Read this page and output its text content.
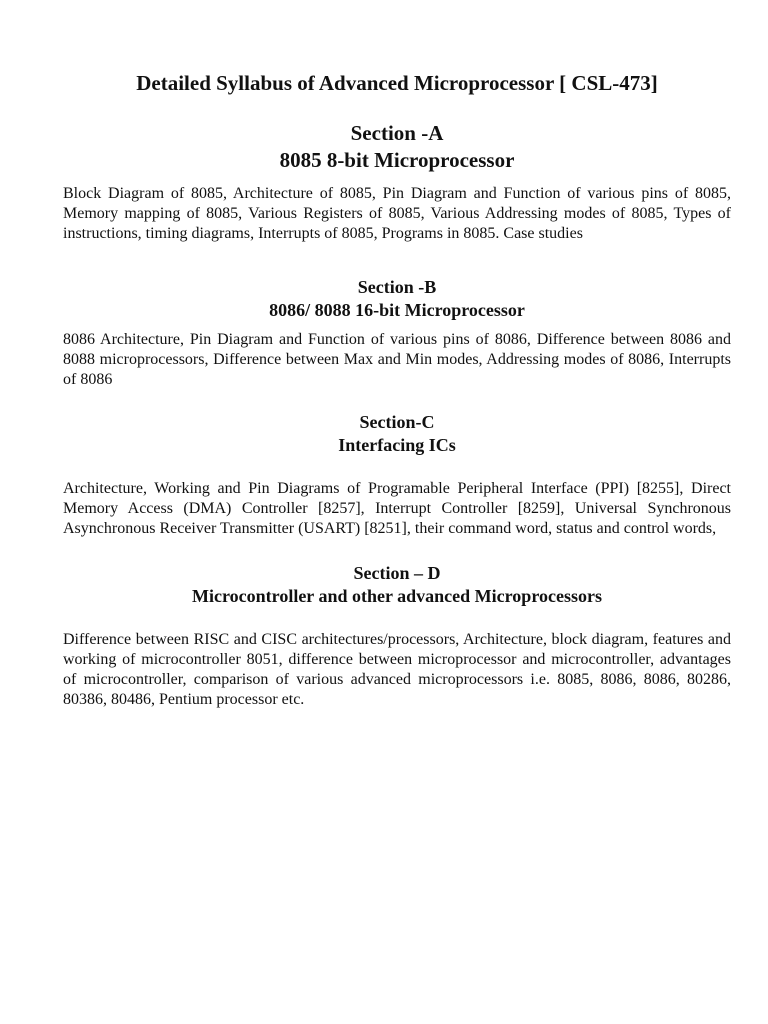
Detailed Syllabus of Advanced Microprocessor [ CSL-473]
Section -A
8085 8-bit Microprocessor

Block Diagram of 8085, Architecture of 8085, Pin Diagram and Function of various pins of 8085, Memory mapping of 8085, Various Registers of 8085, Various Addressing modes of 8085, Types of instructions, timing diagrams, Interrupts of 8085, Programs in 8085. Case studies

Section -B
8086/ 8088 16-bit Microprocessor

8086 Architecture, Pin Diagram and Function of various pins of 8086, Difference between 8086 and 8088 microprocessors, Difference between Max and Min modes, Addressing modes of 8086, Interrupts of 8086

Section-C
Interfacing ICs

Architecture, Working and Pin Diagrams of Programable Peripheral Interface (PPI) [8255], Direct Memory Access (DMA) Controller [8257], Interrupt Controller [8259], Universal Synchronous Asynchronous Receiver Transmitter (USART) [8251], their command word, status and control words,

Section – D
Microcontroller and other advanced Microprocessors

Difference between RISC and CISC architectures/processors, Architecture, block diagram, features and working of microcontroller 8051, difference between microprocessor and microcontroller, advantages of microcontroller, comparison of various advanced microprocessors i.e. 8085, 8086, 8086, 80286, 80386, 80486, Pentium processor etc.
